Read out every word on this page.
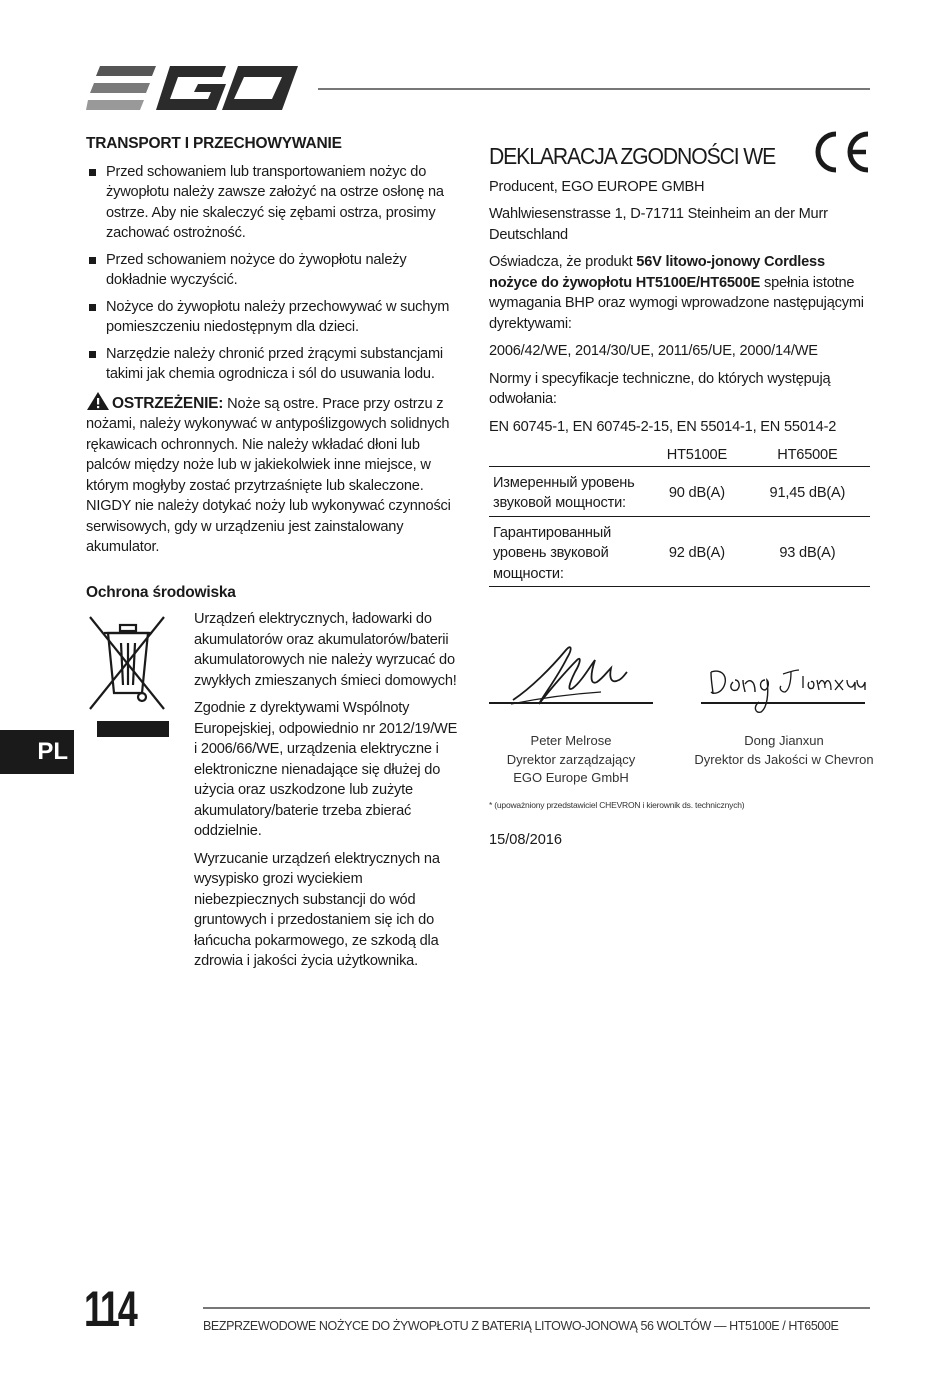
TRANSPORT I PRZECHOWYWANIE
Przed schowaniem lub transportowaniem nożyc do żywopłotu należy zawsze założyć na ostrze osłonę na ostrze. Aby nie skaleczyć się zębami ostrza, prosimy zachować ostrożność.
Przed schowaniem nożyce do żywopłotu należy dokładnie wyczyścić.
Nożyce do żywopłotu należy przechowywać w suchym pomieszczeniu niedostępnym dla dzieci.
Narzędzie należy chronić przed żrącymi substancjami takimi jak chemia ogrodnicza i sól do usuwania lodu.
OSTRZEŻENIE: Noże są ostre. Prace przy ostrzu z nożami, należy wykonywać w antypoślizgowych solidnych rękawicach ochronnych. Nie należy wkładać dłoni lub palców między noże lub w jakiekolwiek inne miejsce, w którym mogłyby zostać przytrzaśnięte lub skaleczone. NIGDY nie należy dotykać noży lub wykonywać czynności serwisowych, gdy w urządzeniu jest zainstalowany akumulator.
Ochrona środowiska

Urządzeń elektrycznych, ładowarki do akumulatorów oraz akumulatorów/baterii akumulatorowych nie należy wyrzucać do zwykłych zmieszanych śmieci domowych!

Zgodnie z dyrektywami Wspólnoty Europejskiej, odpowiednio nr 2012/19/WE i 2006/66/WE, urządzenia elektryczne i elektroniczne nienadające się dłużej do użycia oraz uszkodzone lub zużyte akumulatory/baterie trzeba zbierać oddzielnie.

Wyrzucanie urządzeń elektrycznych na wysypisko grozi wyciekiem niebezpiecznych substancji do wód gruntowych i przedostaniem się ich do łańcucha pokarmowego, ze szkodą dla zdrowia i jakości życia użytkownika.

PL
DEKLARACJA ZGODNOŚCI WE

Producent, EGO EUROPE GMBH

Wahlwiesenstrasse 1, D-71711 Steinheim an der Murr Deutschland

Oświadcza, że produkt 56V litowo-jonowy Cordless nożyce do żywopłotu HT5100E/HT6500E spełnia istotne wymagania BHP oraz wymogi wprowadzone następującymi dyrektywami:

2006/42/WE, 2014/30/UE, 2011/65/UE, 2000/14/WE

Normy i specyfikacje techniczne, do których występują odwołania:

EN 60745-1, EN 60745-2-15, EN 55014-1, EN 55014-2

	HT5100E	HT6500E
Измеренный уровень звуковой мощности:	90 dB(A)	91,45 dB(A)
Гарантированный уровень звуковой мощности:	92 dB(A)	93 dB(A)
Peter Melrose
Dyrektor zarządzający
EGO Europe GmbH
Dong Jianxun
Dyrektor ds Jakości w Chevron
* (upoważniony przedstawiciel CHEVRON i kierownik ds. technicznych)
15/08/2016
114	BEZPRZEWODOWE NOŻYCE DO ŻYWOPŁOTU Z BATERIĄ LITOWO-JONOWĄ 56 WOLTÓW — HT5100E / HT6500E
